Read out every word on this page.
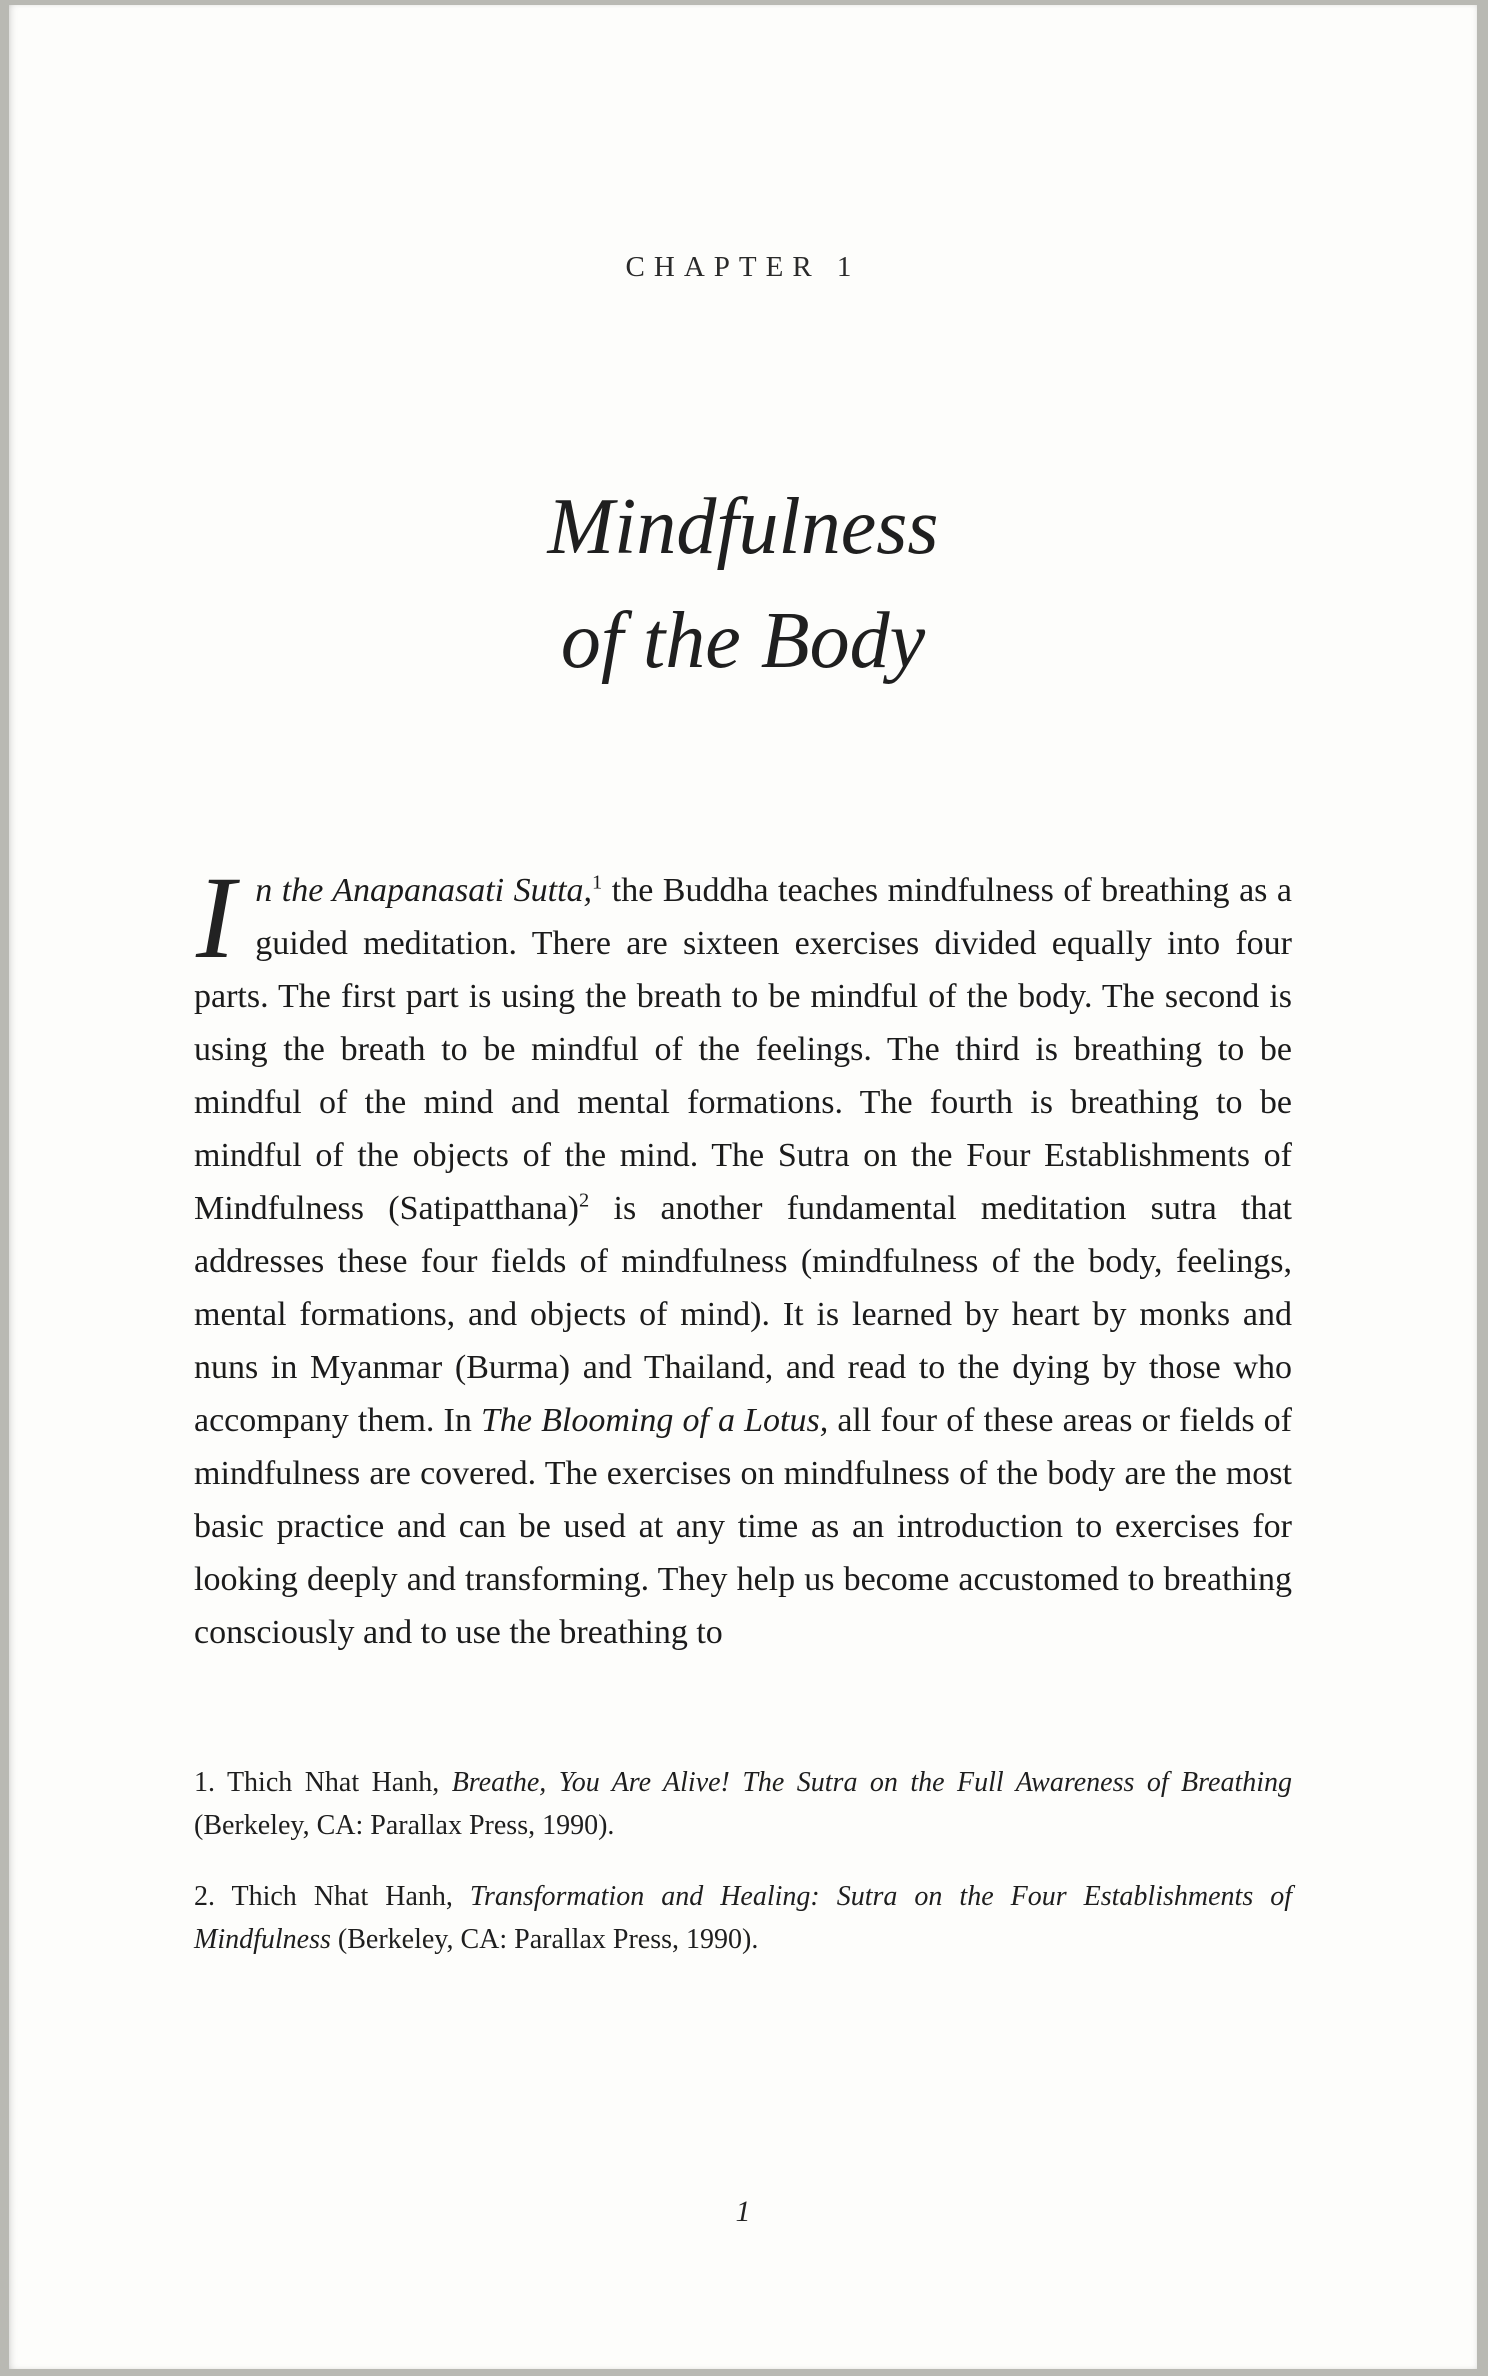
CHAPTER 1
Mindfulness
of the Body

In the Anapanasati Sutta,$^1$ the Buddha teaches mindfulness of breathing as a guided meditation. There are sixteen exercises divided equally into four parts. The first part is using the breath to be mindful of the body. The second is using the breath to be mindful of the feelings. The third is breathing to be mindful of the mind and mental formations. The fourth is breathing to be mindful of the objects of the mind. The Sutra on the Four Establishments of Mindfulness (Satipatthana)$^2$ is another fundamental meditation sutra that addresses these four fields of mindfulness (mindfulness of the body, feelings, mental formations, and objects of mind). It is learned by heart by monks and nuns in Myanmar (Burma) and Thailand, and read to the dying by those who accompany them. In The Blooming of a Lotus, all four of these areas or fields of mindfulness are covered. The exercises on mindfulness of the body are the most basic practice and can be used at any time as an introduction to exercises for looking deeply and transforming. They help us become accustomed to breathing consciously and to use the breathing to

1. Thich Nhat Hanh, Breathe, You Are Alive! The Sutra on the Full Awareness of Breathing (Berkeley, CA: Parallax Press, 1990).

2. Thich Nhat Hanh, Transformation and Healing: Sutra on the Four Establishments of Mindfulness (Berkeley, CA: Parallax Press, 1990).

1
